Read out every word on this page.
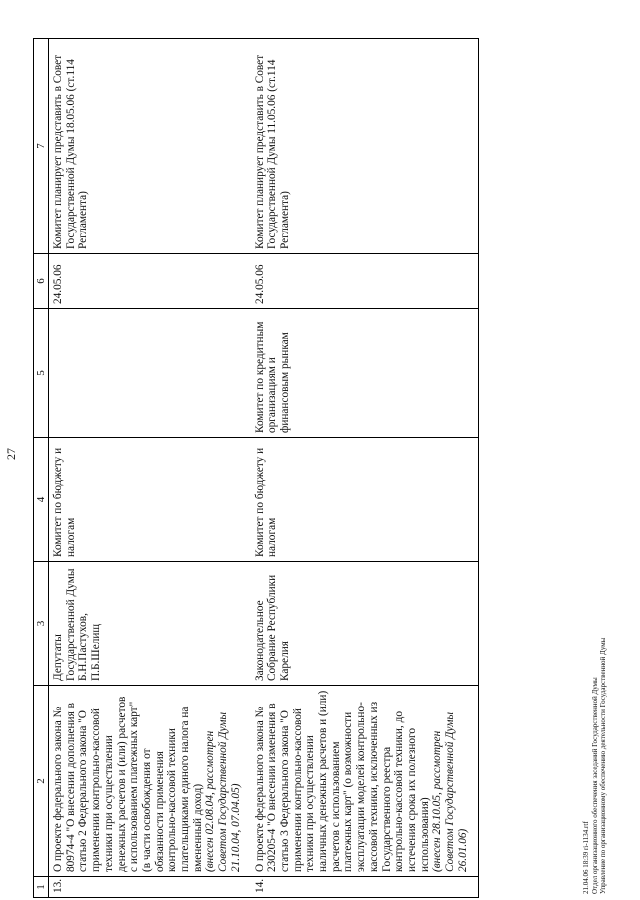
27
1	2	3	4	5	6	7
13.	О проекте федерального закона № 80974-4 "О внесении дополнения в статью 2 Федерального закона "О применении контрольно-кассовой техники при осуществлении денежных расчетов и (или) расчетов с использованием платежных карт" (в части освобождения от обязанности применения контрольно-кассовой техники плательщиками единого налога на вмененный доход)
(внесен 02.08.04, рассмотрен Советом Государственной Думы 21.10.04, 07.04.05)	Депутаты Государственной Думы Б.Н.Пастухов, П.Б.Шелищ	Комитет по бюджету и налогам		24.05.06	Комитет планирует представить в Совет Государственной Думы 18.05.06 (ст.114 Регламента)
14.	О проекте федерального закона № 230205-4 "О внесении изменения в статью 3 Федерального закона "О применении контрольно-кассовой техники при осуществлении наличных денежных расчетов и (или) расчетов с использованием платежных карт" (о возможности эксплуатации моделей контрольно-кассовой техники, исключенных из Государственного реестра контрольно-кассовой техники, до истечения срока их полезного использования)
(внесен 28.10.05, рассмотрен Советом Государственной Думы 26.01.06)	Законодательное Собрание Республики Карелия	Комитет по бюджету и налогам	Комитет по кредитным организациям и финансовым рынкам	24.05.06	Комитет планирует представить в Совет Государственной Думы 11.05.06 (ст.114 Регламента)
21.04.06 18:39 ri-1134.rtf Отдел организационного обеспечения заседаний Государственной Думы Управление по организационному обеспечению деятельности Государственной Думы
